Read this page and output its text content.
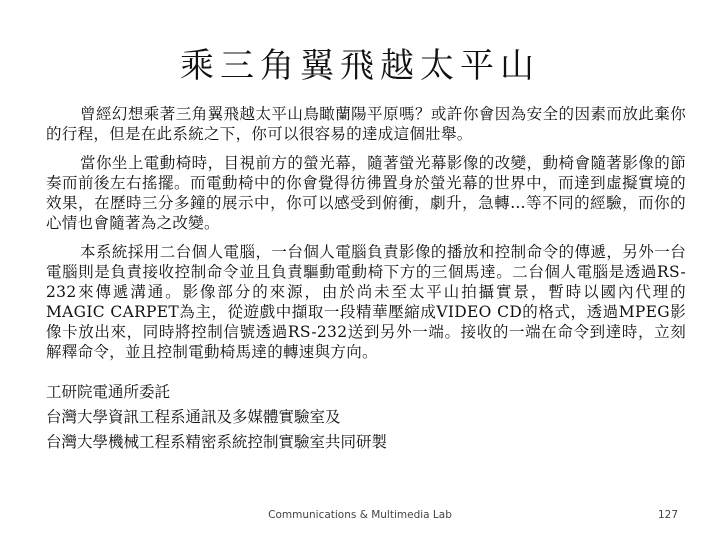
乘三角翼飛越太平山

曾經幻想乘著三角翼飛越太平山鳥瞰蘭陽平原嗎？或許你會因為安全的因素而放此棄你的行程，但是在此系統之下，你可以很容易的達成這個壯舉。

當你坐上電動椅時，目視前方的螢光幕，隨著螢光幕影像的改變，動椅會隨著影像的節奏而前後左右搖擺。而電動椅中的你會覺得彷彿置身於螢光幕的世界中，而達到虛擬實境的效果，在歷時三分多鐘的展示中，你可以感受到俯衝，劇升，急轉…等不同的經驗，而你的心情也會隨著為之改變。

本系統採用二台個人電腦，一台個人電腦負責影像的播放和控制命令的傳遞，另外一台電腦則是負責接收控制命令並且負責驅動電動椅下方的三個馬達。二台個人電腦是透過RS-232來傳遞溝通。影像部分的來源，由於尚未至太平山拍攝實景，暫時以國內代理的MAGIC CARPET為主，從遊戲中擷取一段精華壓縮成VIDEO CD的格式，透過MPEG影像卡放出來，同時將控制信號透過RS-232送到另外一端。接收的一端在命令到達時，立刻解釋命令，並且控制電動椅馬達的轉速與方向。

工研院電通所委託
台灣大學資訊工程系通訊及多媒體實驗室及
台灣大學機械工程系精密系統控制實驗室共同研製
Communications & Multimedia Lab	127
